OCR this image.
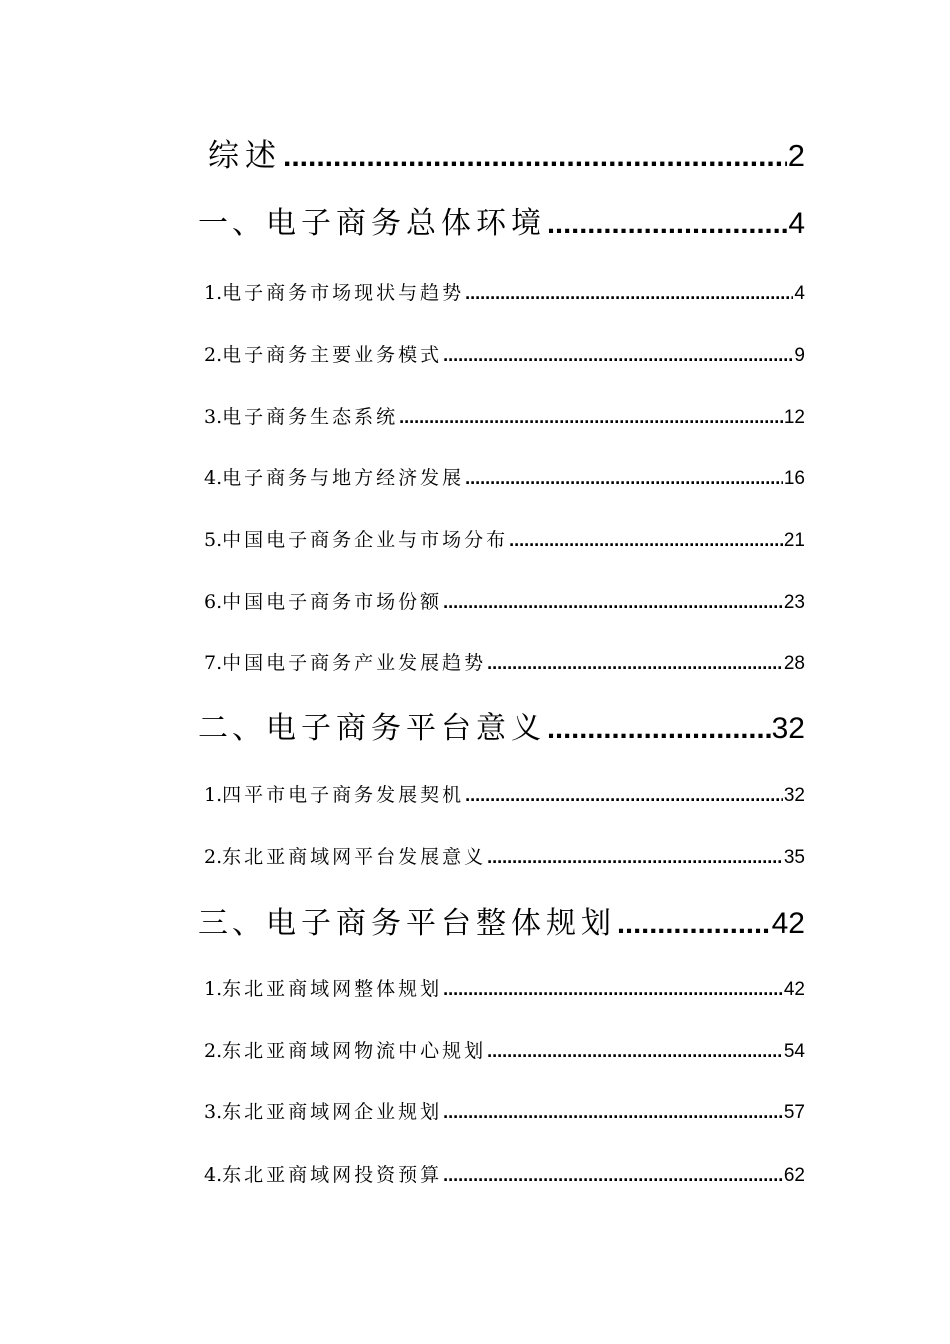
综述 .....	2
一、 电子商务总体环境 .....	4
1. 电子商务市场现状与趋势 .....	4
2. 电子商务主要业务模式 .....	9
3. 电子商务生态系统 .....	12
4. 电子商务与地方经济发展 .....	16
5. 中国电子商务企业与市场分布 .....	21
6. 中国电子商务市场份额 .....	23
7. 中国电子商务产业发展趋势 .....	28
二、 电子商务平台意义 .....	32
1. 四平市电子商务发展契机 .....	32
2. 东北亚商域网平台发展意义 .....	35
三、 电子商务平台整体规划 .....	42
1. 东北亚商域网整体规划 .....	42
2. 东北亚商域网物流中心规划 .....	54
3. 东北亚商域网企业规划 .....	57
4. 东北亚商域网投资预算 .....	62
